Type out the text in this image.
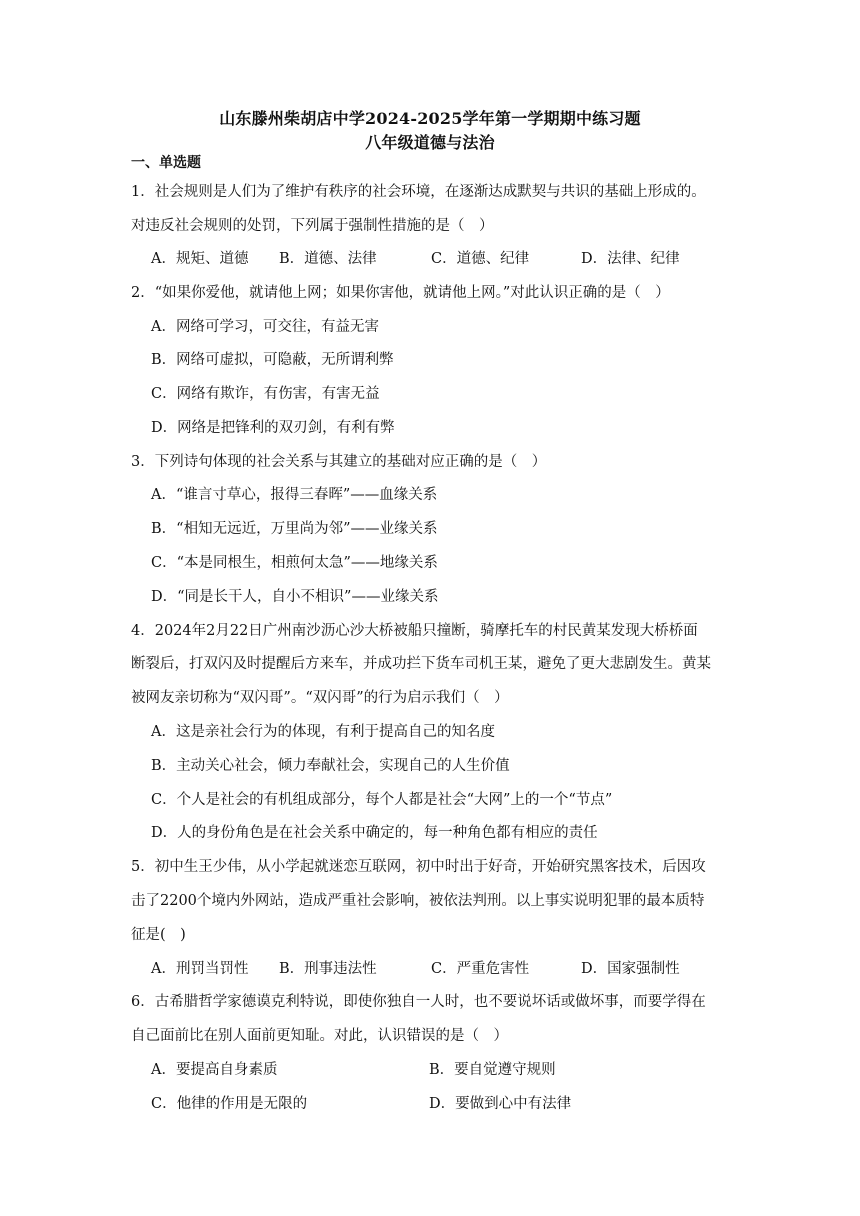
山东滕州柴胡店中学2024-2025学年第一学期期中练习题
八年级道德与法治
一、单选题
1．社会规则是人们为了维护有秩序的社会环境，在逐渐达成默契与共识的基础上形成的。
对违反社会规则的处罚，下列属于强制性措施的是（　）
A．规矩、道德 B．道德、法律	C．道德、纪律	D．法律、纪律
2．“如果你爱他，就请他上网；如果你害他，就请他上网。”对此认识正确的是（　）
A．网络可学习，可交往，有益无害
B．网络可虚拟，可隐蔽，无所谓利弊
C．网络有欺诈，有伤害，有害无益
D．网络是把锋利的双刃剑，有利有弊
3．下列诗句体现的社会关系与其建立的基础对应正确的是（　）
A．“谁言寸草心，报得三春晖”——血缘关系
B．“相知无远近，万里尚为邻”——业缘关系
C．“本是同根生，相煎何太急”——地缘关系
D．“同是长干人，自小不相识”——业缘关系
4．2024年2月22日广州南沙沥心沙大桥被船只撞断，骑摩托车的村民黄某发现大桥桥面
断裂后，打双闪及时提醒后方来车，并成功拦下货车司机王某，避免了更大悲剧发生。黄某
被网友亲切称为“双闪哥”。“双闪哥”的行为启示我们（　）
A．这是亲社会行为的体现，有利于提高自己的知名度
B．主动关心社会，倾力奉献社会，实现自己的人生价值
C．个人是社会的有机组成部分，每个人都是社会“大网”上的一个“节点”
D．人的身份角色是在社会关系中确定的，每一种角色都有相应的责任
5．初中生王少伟，从小学起就迷恋互联网，初中时出于好奇，开始研究黑客技术，后因攻
击了2200个境内外网站，造成严重社会影响，被依法判刑。以上事实说明犯罪的最本质特
征是(　)
A．刑罚当罚性 B．刑事违法性	C．严重危害性	D．国家强制性
6．古希腊哲学家德谟克利特说，即使你独自一人时，也不要说坏话或做坏事，而要学得在
自己面前比在别人面前更知耻。对此，认识错误的是（　）
A．要提高自身素质	B．要自觉遵守规则
C．他律的作用是无限的	D．要做到心中有法律
